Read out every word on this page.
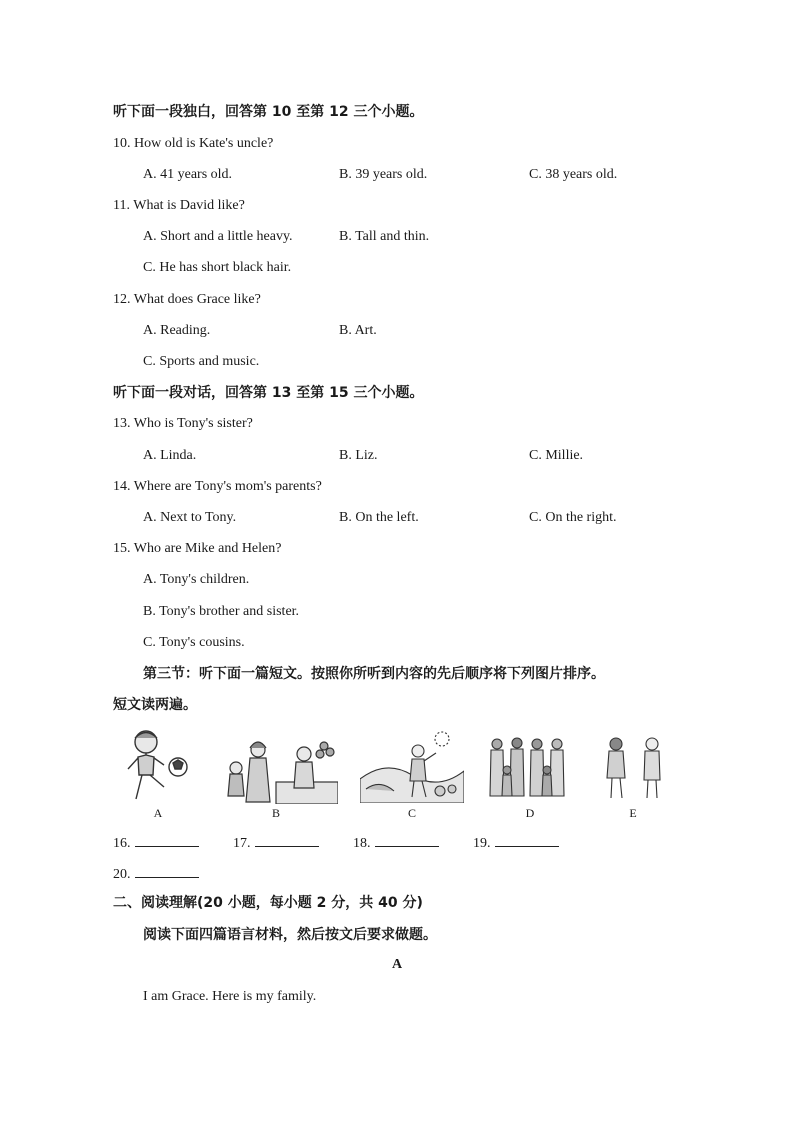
听下面一段独白，回答第 10 至第 12 三个小题。
10. How old is Kate's uncle?
A. 41 years old.	B. 39 years old.	C. 38 years old.
11. What is David like?
A. Short and a little heavy.	B. Tall and thin.
C. He has short black hair.
12. What does Grace like?
A. Reading.	B. Art.
C. Sports and music.
听下面一段对话，回答第 13 至第 15 三个小题。
13. Who is Tony's sister?
A. Linda.	B. Liz.	C. Millie.
14. Where are Tony's mom's parents?
A. Next to Tony.	B. On the left.	C. On the right.
15. Who are Mike and Helen?
A. Tony's children.
B. Tony's brother and sister.
C. Tony's cousins.
第三节：听下面一篇短文。按照你所听到内容的先后顺序将下列图片排序。
短文读两遍。
A	B	C	D	E
16.	17.	18.	19.
20.
二、阅读理解(20 小题，每小题 2 分，共 40 分)
阅读下面四篇语言材料，然后按文后要求做题。
A
I am Grace. Here is my family.
